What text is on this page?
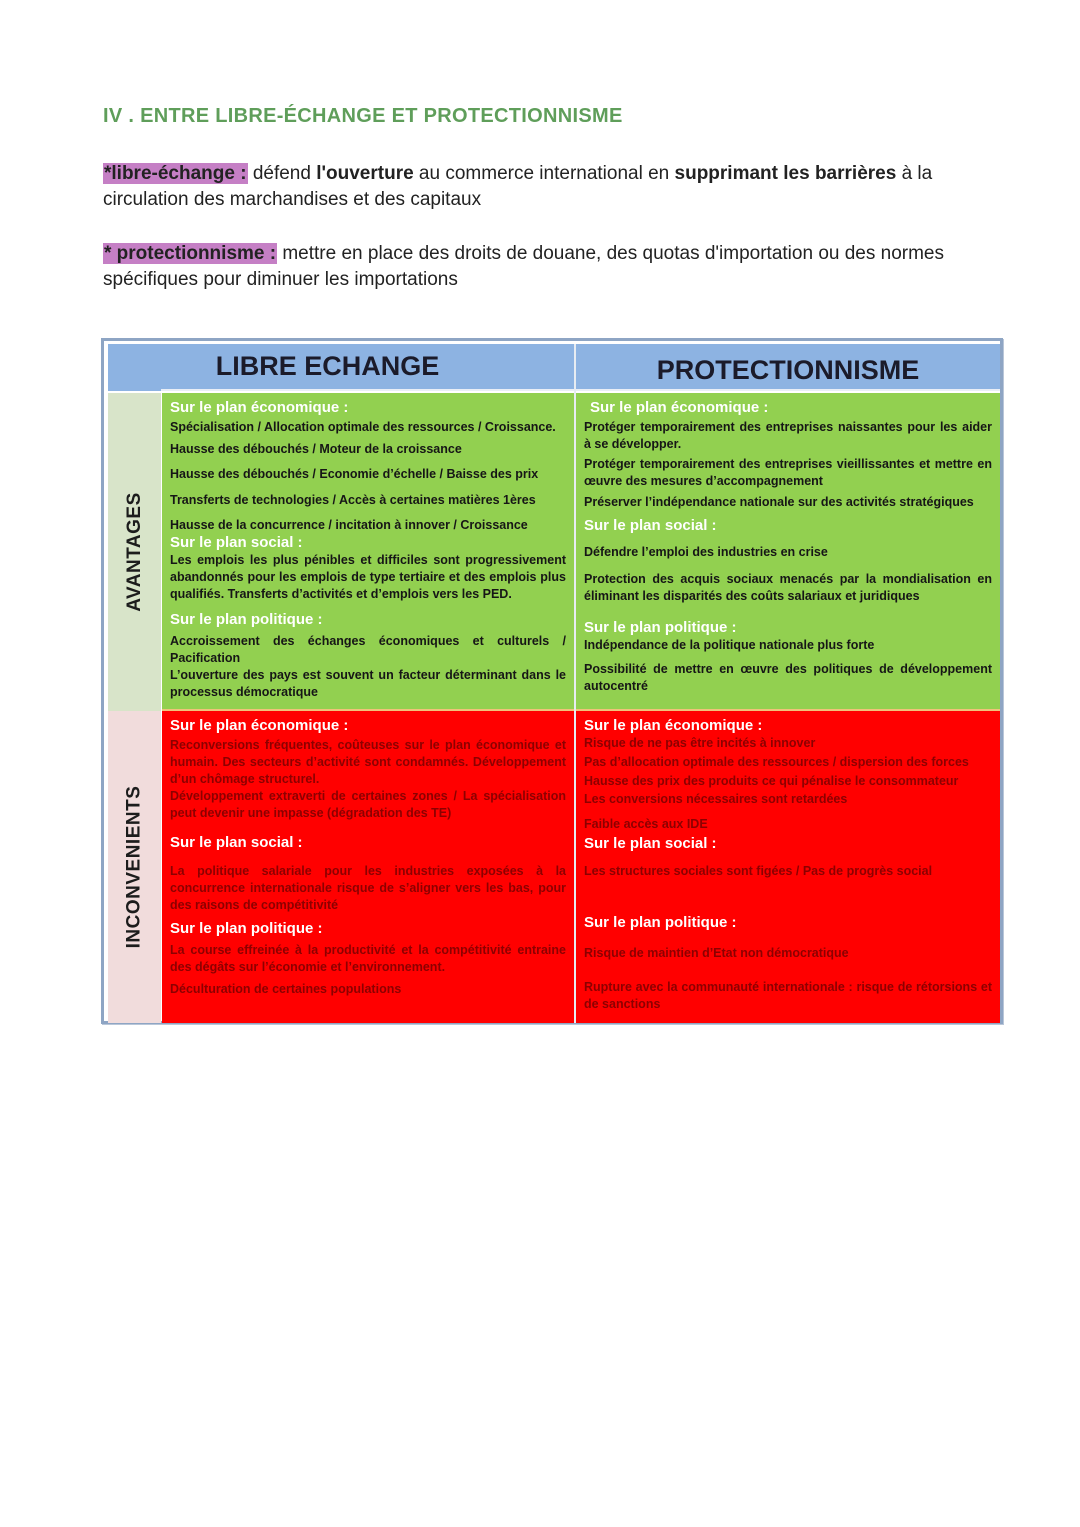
IV . ENTRE LIBRE-ÉCHANGE ET PROTECTIONNISME

*libre-échange : défend l'ouverture au commerce international en supprimant les barrières à la circulation des marchandises et des capitaux

* protectionnisme : mettre en place des droits de douane, des quotas d'importation ou des normes spécifiques pour diminuer les importations

LIBRE ECHANGE	PROTECTIONNISME
AVANTAGES
INCONVENIENTS

Sur le plan économique :

Spécialisation / Allocation optimale des ressources / Croissance.

Hausse des débouchés / Moteur de la croissance

Hausse des débouchés / Economie d’échelle / Baisse des prix

Transferts de technologies / Accès à certaines matières 1ères

Hausse de la concurrence / incitation à innover / Croissance

Sur le plan social :

Les emplois les plus pénibles et difficiles sont progressivement abandonnés pour les emplois de type tertiaire et des emplois plus qualifiés. Transferts d’activités et d’emplois vers les PED.

Sur le plan politique :

Accroissement des échanges économiques et culturels / Pacification

L’ouverture des pays est souvent un facteur déterminant dans le processus démocratique

Sur le plan économique :

Protéger temporairement des entreprises naissantes pour les aider à se développer.

Protéger temporairement des entreprises vieillissantes et mettre en œuvre des mesures d’accompagnement

Préserver l’indépendance nationale sur des activités stratégiques

Sur le plan social :

Défendre l’emploi des industries en crise

Protection des acquis sociaux menacés par la mondialisation en éliminant les disparités des coûts salariaux et juridiques

Sur le plan politique :

Indépendance de la politique nationale plus forte

Possibilité de mettre en œuvre des politiques de développement autocentré

Sur le plan économique :

Reconversions fréquentes, coûteuses sur le plan économique et humain. Des secteurs d’activité sont condamnés. Développement d’un chômage structurel.

Développement extraverti de certaines zones / La spécialisation peut devenir une impasse (dégradation des TE)

Sur le plan social :

La politique salariale pour les industries exposées à la concurrence internationale risque de s’aligner vers les bas, pour des raisons de compétitivité

Sur le plan politique :

La course effreinée à la productivité et la compétitivité entraine des dégâts sur l’économie et l’environnement.

Déculturation de certaines populations

Sur le plan économique :

Risque de ne pas être incités à innover

Pas d’allocation optimale des ressources / dispersion des forces

Hausse des prix des produits ce qui pénalise le consommateur

Les conversions nécessaires sont retardées

Faible accès aux IDE

Sur le plan social :

Les structures sociales sont figées / Pas de progrès social

Sur le plan politique :

Risque de maintien d’Etat non démocratique

Rupture avec la communauté internationale : risque de rétorsions et de sanctions
